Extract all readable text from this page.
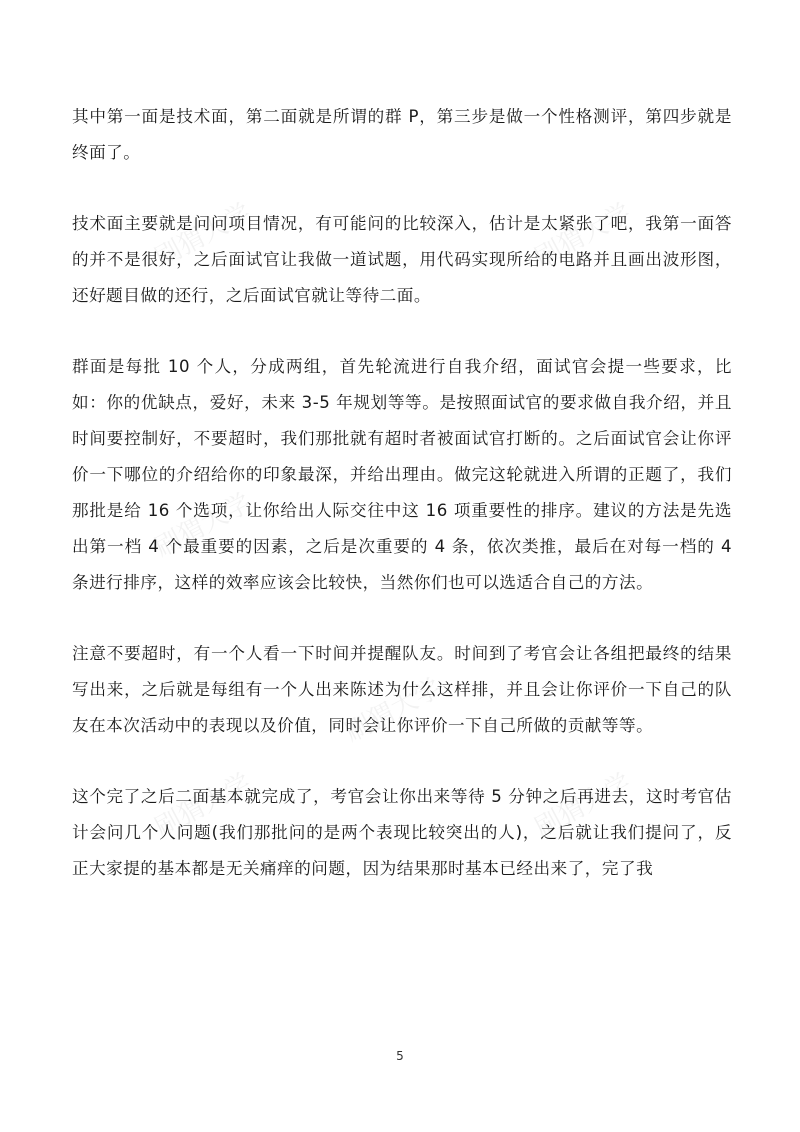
刷猬大学	刷猬大学
刷猬大学
刷猬大学
刷猬大学	刷猬大学

其中第一面是技术面，第二面就是所谓的群 P，第三步是做一个性格测评，第四步就是终面了。

技术面主要就是问问项目情况，有可能问的比较深入，估计是太紧张了吧，我第一面答的并不是很好，之后面试官让我做一道试题，用代码实现所给的电路并且画出波形图，还好题目做的还行，之后面试官就让等待二面。

群面是每批 10 个人，分成两组，首先轮流进行自我介绍，面试官会提一些要求，比如：你的优缺点，爱好，未来 3-5 年规划等等。是按照面试官的要求做自我介绍，并且时间要控制好，不要超时，我们那批就有超时者被面试官打断的。之后面试官会让你评价一下哪位的介绍给你的印象最深，并给出理由。做完这轮就进入所谓的正题了，我们那批是给 16 个选项，让你给出人际交往中这 16 项重要性的排序。建议的方法是先选出第一档 4 个最重要的因素，之后是次重要的 4 条，依次类推，最后在对每一档的 4 条进行排序，这样的效率应该会比较快，当然你们也可以选适合自己的方法。

注意不要超时，有一个人看一下时间并提醒队友。时间到了考官会让各组把最终的结果写出来，之后就是每组有一个人出来陈述为什么这样排，并且会让你评价一下自己的队友在本次活动中的表现以及价值，同时会让你评价一下自己所做的贡献等等。

这个完了之后二面基本就完成了，考官会让你出来等待 5 分钟之后再进去，这时考官估计会问几个人问题(我们那批问的是两个表现比较突出的人)，之后就让我们提问了，反正大家提的基本都是无关痛痒的问题，因为结果那时基本已经出来了，完了我

5
